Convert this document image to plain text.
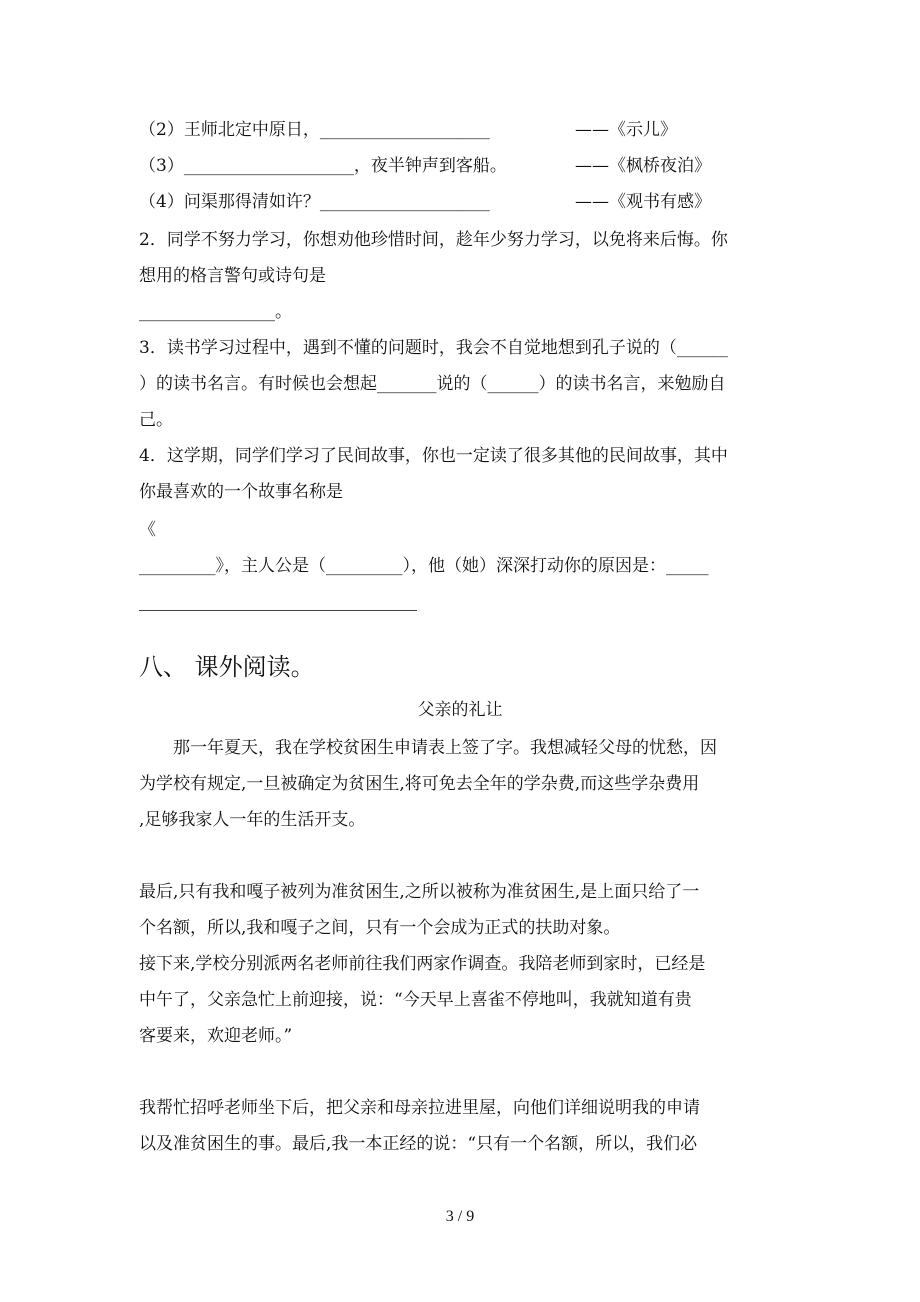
（2）王师北定中原日，____________________	——《示儿》
（3）____________________，夜半钟声到客船。	——《枫桥夜泊》
（4）问渠那得清如许？____________________	——《观书有感》
2．同学不努力学习，你想劝他珍惜时间，趁年少努力学习，以免将来后悔。你
想用的格言警句或诗句是
________________。
3．读书学习过程中，遇到不懂的问题时，我会不自觉地想到孔子说的（______
）的读书名言。有时候也会想起_______说的（______）的读书名言，来勉励自
己。
4．这学期，同学们学习了民间故事，你也一定读了很多其他的民间故事，其中
你最喜欢的一个故事名称是
《
_________》，主人公是（_________），他（她）深深打动你的原因是：_____
八、 课外阅读。
父亲的礼让
　　那一年夏天，我在学校贫困生申请表上签了字。我想减轻父母的忧愁，因
为学校有规定,一旦被确定为贫困生,将可免去全年的学杂费,而这些学杂费用
,足够我家人一年的生活开支。
最后,只有我和嘎子被列为准贫困生,之所以被称为准贫困生,是上面只给了一
个名额，所以,我和嘎子之间，只有一个会成为正式的扶助对象。
接下来,学校分别派两名老师前往我们两家作调查。我陪老师到家时，已经是
中午了，父亲急忙上前迎接，说：“今天早上喜雀不停地叫，我就知道有贵
客要来，欢迎老师。”
我帮忙招呼老师坐下后，把父亲和母亲拉进里屋，向他们详细说明我的申请
以及准贫困生的事。最后,我一本正经的说：“只有一个名额，所以，我们必
3 / 9
